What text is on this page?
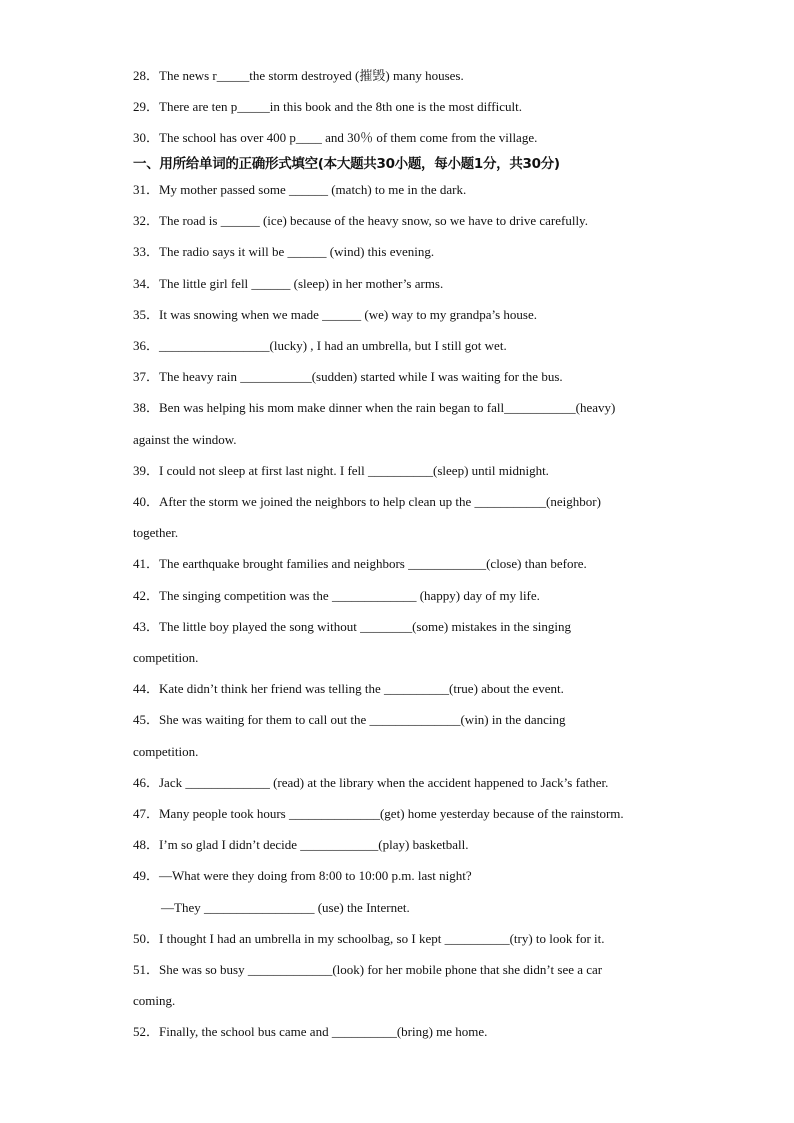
28．The news r_____the storm destroyed (摧毁) many houses.
29．There are ten p_____in this book and the 8th one is the most difficult.
30．The school has over 400 p____ and 30％ of them come from the village.
一、用所给单词的正确形式填空(本大题共30小题，每小题1分，共30分)
31．My mother passed some ______ (match) to me in the dark.
32．The road is ______ (ice) because of the heavy snow, so we have to drive carefully.
33．The radio says it will be ______ (wind) this evening.
34．The little girl fell ______ (sleep) in her mother’s arms.
35．It was snowing when we made ______ (we) way to my grandpa’s house.
36．_________________(lucky) , I had an umbrella, but I still got wet.
37．The heavy rain ___________(sudden) started while I was waiting for the bus.
38．Ben was helping his mom make dinner when the rain began to fall___________(heavy)
against the window.
39．I could not sleep at first last night. I fell __________(sleep) until midnight.
40．After the storm we joined the neighbors to help clean up the ___________(neighbor)
together.
41．The earthquake brought families and neighbors ____________(close) than before.
42．The singing competition was the _____________ (happy) day of my life.
43．The little boy played the song without ________(some) mistakes in the singing
competition.
44．Kate didn’t think her friend was telling the __________(true) about the event.
45．She was waiting for them to call out the ______________(win) in the dancing
competition.
46．Jack _____________ (read) at the library when the accident happened to Jack’s father.
47．Many people took hours ______________(get) home yesterday because of the rainstorm.
48．I’m so glad I didn’t decide ____________(play) basketball.
49．—What were they doing from 8:00 to 10:00 p.m. last night?
—They _________________ (use) the Internet.
50．I thought I had an umbrella in my schoolbag, so I kept __________(try) to look for it.
51．She was so busy _____________(look) for her mobile phone that she didn’t see a car
coming.
52．Finally, the school bus came and __________(bring) me home.
